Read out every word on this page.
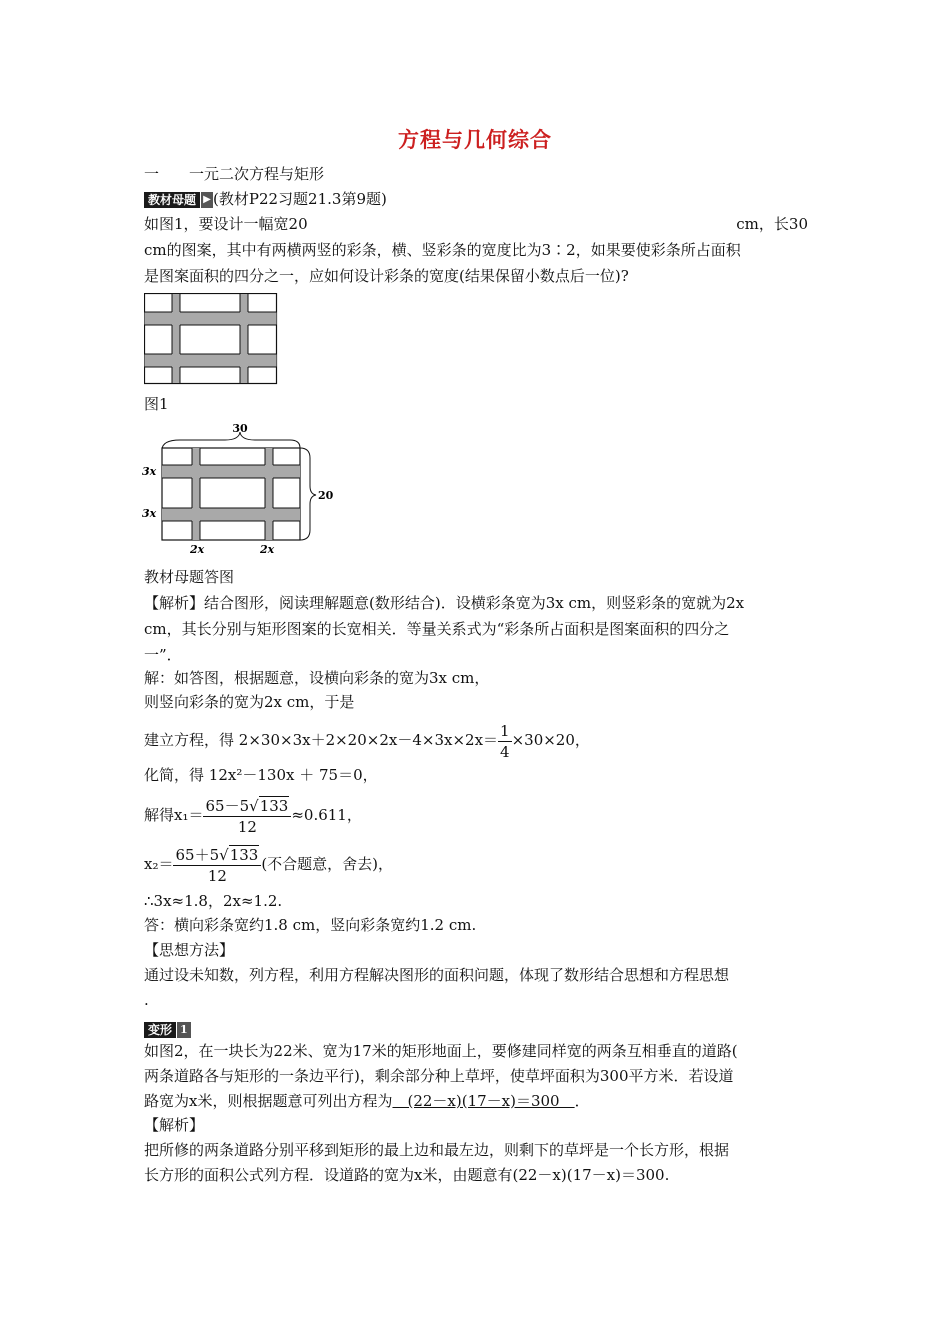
方程与几何综合
一　　 一元二次方程与矩形
教材母题 ▶ (教材P22习题21.3第9题)
如图1，要设计一幅宽20	cm，长30
cm的图案，其中有两横两竖的彩条，横、竖彩条的宽度比为3∶2，如果要使彩条所占面积
是图案面积的四分之一，应如何设计彩条的宽度(结果保留小数点后一位)?
图1
30
20
3x
3x
2x	2x
教材母题答图
【解析】结合图形，阅读理解题意(数形结合)．设横彩条宽为3x cm，则竖彩条的宽就为2x
cm，其长分别与矩形图案的长宽相关．等量关系式为“彩条所占面积是图案面积的四分之
一”．
解：如答图，根据题意，设横向彩条的宽为3x cm，
则竖向彩条的宽为2x cm，于是
建立方程，得 $2\times 30\times 3x+2\times 20\times 2x-4\times 3x\times 2x= \frac{1}{4} \times 30\times 20$，
化简，得 12x²－130x ＋ 75＝0，
解得$x_1= \frac{65-5√133}{12} \approx 0.611$，
$x_2= \frac{65+5√133}{12}$ (不合题意，舍去)，
∴3x≈1.8，2x≈1.2.
答：横向彩条宽约1.8 cm，竖向彩条宽约1.2 cm.
【思想方法】
通过设未知数，列方程，利用方程解决图形的面积问题，体现了数形结合思想和方程思想
.
变形 1
如图2，在一块长为22米、宽为17米的矩形地面上，要修建同样宽的两条互相垂直的道路(
两条道路各与矩形的一条边平行)，剩余部分种上草坪，使草坪面积为300平方米．若设道
路宽为x米，则根据题意可列出方程为　(22－x)(17－x)＝300　．
【解析】
把所修的两条道路分别平移到矩形的最上边和最左边，则剩下的草坪是一个长方形，根据
长方形的面积公式列方程．设道路的宽为x米，由题意有(22－x)(17－x)＝300.
